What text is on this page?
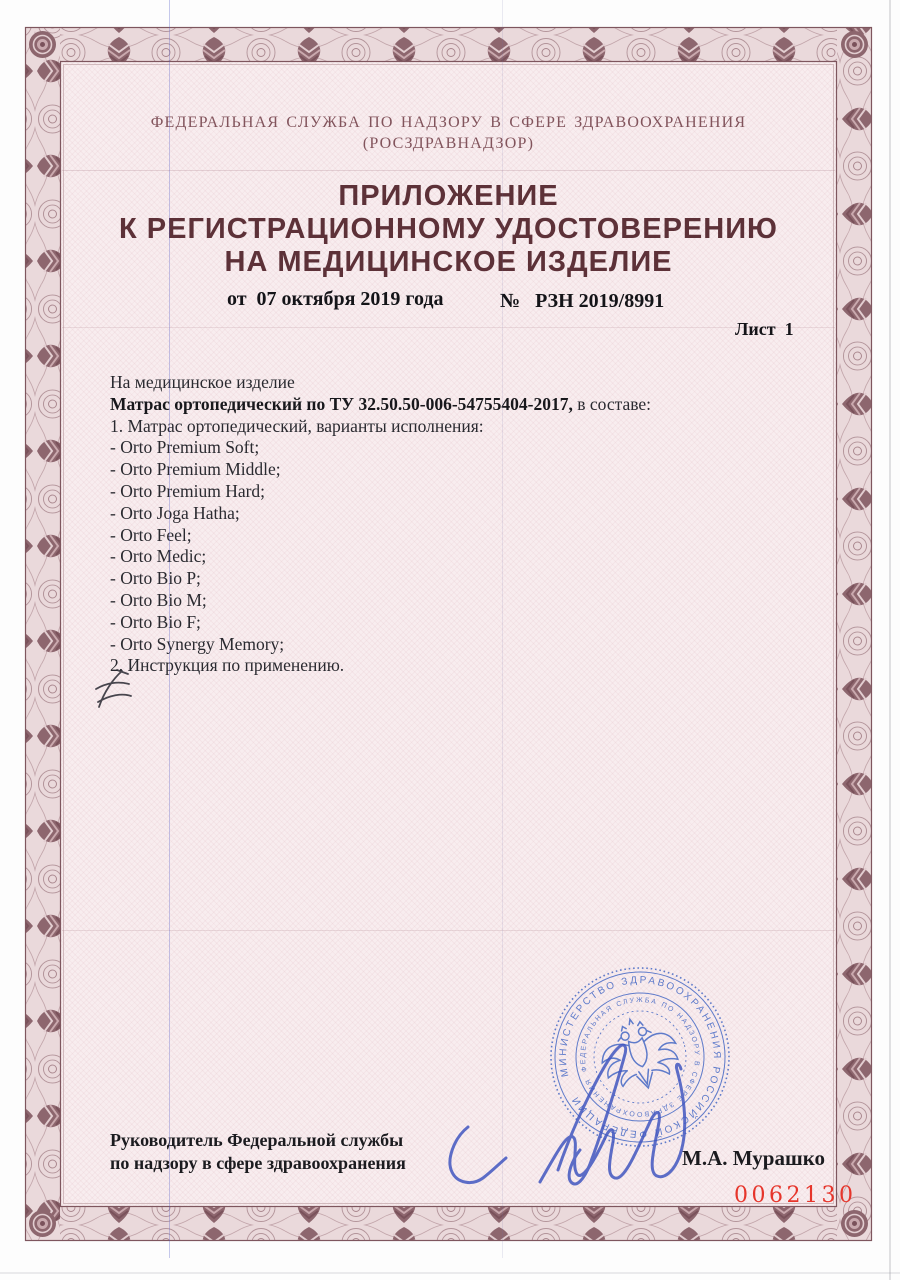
ФЕДЕРАЛЬНАЯ СЛУЖБА ПО НАДЗОРУ В СФЕРЕ ЗДРАВООХРАНЕНИЯ
(РОСЗДРАВНАДЗОР)
ПРИЛОЖЕНИЕ
К РЕГИСТРАЦИОННОМУ УДОСТОВЕРЕНИЮ
НА МЕДИЦИНСКОЕ ИЗДЕЛИЕ
от  07 октября 2019 года	№   РЗН 2019/8991
Лист  1
На медицинское изделие
Матрас ортопедический по ТУ 32.50.50-006-54755404-2017, в составе:
1. Матрас ортопедический, варианты исполнения:
- Orto Premium Soft;
- Orto Premium Middle;
- Orto Premium Hard;
- Orto Joga Hatha;
- Orto Feel;
- Orto Medic;
- Orto Bio P;
- Orto Bio M;
- Orto Bio F;
- Orto Synergy Memory;
2. Инструкция по применению.
МИНИСТЕРСТВО ЗДРАВООХРАНЕНИЯ РОССИЙСКОЙ ФЕДЕРАЦИИ
ФЕДЕРАЛЬНАЯ СЛУЖБА ПО НАДЗОРУ В СФЕРЕ ЗДРАВООХРАНЕНИЯ
Руководитель Федеральной службы
по надзору в сфере здравоохранения	М.А. Мурашко
0062130
